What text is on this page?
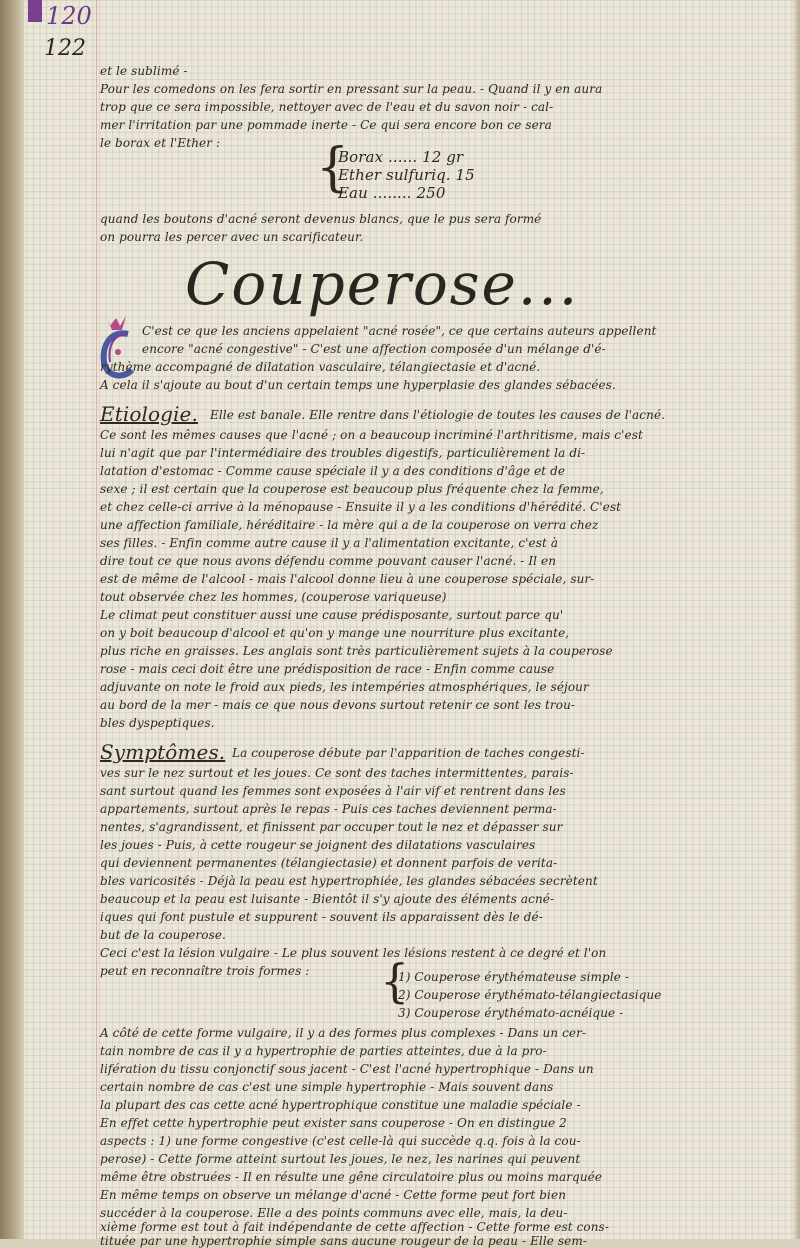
120
122
et le sublimé -
Pour les comedons on les fera sortir en pressant sur la peau. - Quand il y en aura
trop que ce sera impossible, nettoyer avec de l'eau et du savon noir - cal-
mer l'irritation par une pommade inerte - Ce qui sera encore bon ce sera
le borax et l'Ether : {
Borax ...... 12 gr
Ether sulfuriq. 15
Eau ........ 250
quand les boutons d'acné seront devenus blancs, que le pus sera formé
on pourra les percer avec un scarificateur.
Couperose...
C'est ce que les anciens appelaient "acné rosée", ce que certains auteurs appellent
encore "acné congestive" - C'est une affection composée d'un mélange d'é-
rythème accompagné de dilatation vasculaire, télangiectasie et d'acné.
A cela il s'ajoute au bout d'un certain temps une hyperplasie des glandes sébacées.
Etiologie. Elle est banale. Elle rentre dans l'étiologie de toutes les causes de l'acné.
Ce sont les mêmes causes que l'acné ; on a beaucoup incriminé l'arthritisme, mais c'est
lui n'agit que par l'intermédiaire des troubles digestifs, particulièrement la di-
latation d'estomac - Comme cause spéciale il y a des conditions d'âge et de
sexe ; il est certain que la couperose est beaucoup plus fréquente chez la femme,
et chez celle-ci arrive à la ménopause - Ensuite il y a les conditions d'hérédité. C'est
une affection familiale, héréditaire - la mère qui a de la couperose on verra chez
ses filles. - Enfin comme autre cause il y a l'alimentation excitante, c'est à
dire tout ce que nous avons défendu comme pouvant causer l'acné. - Il en
est de même de l'alcool - mais l'alcool donne lieu à une couperose spéciale, sur-
tout observée chez les hommes, (couperose variqueuse)
Le climat peut constituer aussi une cause prédisposante, surtout parce qu'
on y boit beaucoup d'alcool et qu'on y mange une nourriture plus excitante,
plus riche en graisses. Les anglais sont très particulièrement sujets à la couperose
rose - mais ceci doit être une prédisposition de race - Enfin comme cause
adjuvante on note le froid aux pieds, les intempéries atmosphériques, le séjour
au bord de la mer - mais ce que nous devons surtout retenir ce sont les trou-
bles dyspeptiques.
Symptômes. La couperose débute par l'apparition de taches congesti-
ves sur le nez surtout et les joues. Ce sont des taches intermittentes, parais-
sant surtout quand les femmes sont exposées à l'air vif et rentrent dans les
appartements, surtout après le repas - Puis ces taches deviennent perma-
nentes, s'agrandissent, et finissent par occuper tout le nez et dépasser sur
les joues - Puis, à cette rougeur se joignent des dilatations vasculaires
qui deviennent permanentes (télangiectasie) et donnent parfois de verita-
bles varicosités - Déjà la peau est hypertrophiée, les glandes sébacées secrètent
beaucoup et la peau est luisante - Bientôt il s'y ajoute des éléments acné-
iques qui font pustule et suppurent - souvent ils apparaissent dès le dé-
but de la couperose.
Ceci c'est la lésion vulgaire - Le plus souvent les lésions restent à ce degré et l'on
peut en reconnaître trois formes : {
1) Couperose érythémateuse simple -
2) Couperose érythémato-télangiectasique
3) Couperose érythémato-acnéique -
A côté de cette forme vulgaire, il y a des formes plus complexes - Dans un cer-
tain nombre de cas il y a hypertrophie de parties atteintes, due à la pro-
lifération du tissu conjonctif sous jacent - C'est l'acné hypertrophique - Dans un
certain nombre de cas c'est une simple hypertrophie - Mais souvent dans
la plupart des cas cette acné hypertrophique constitue une maladie spéciale -
En effet cette hypertrophie peut exister sans couperose - On en distingue 2
aspects : 1) une forme congestive (c'est celle-là qui succède q.q. fois à la cou-
perose) - Cette forme atteint surtout les joues, le nez, les narines qui peuvent
même être obstruées - Il en résulte une gêne circulatoire plus ou moins marquée
En même temps on observe un mélange d'acné - Cette forme peut fort bien
succéder à la couperose. Elle a des points communs avec elle, mais, la deu-
xième forme est tout à fait indépendante de cette affection - Cette forme est cons-
tituée par une hypertrophie simple sans aucune rougeur de la peau - Elle sem-
